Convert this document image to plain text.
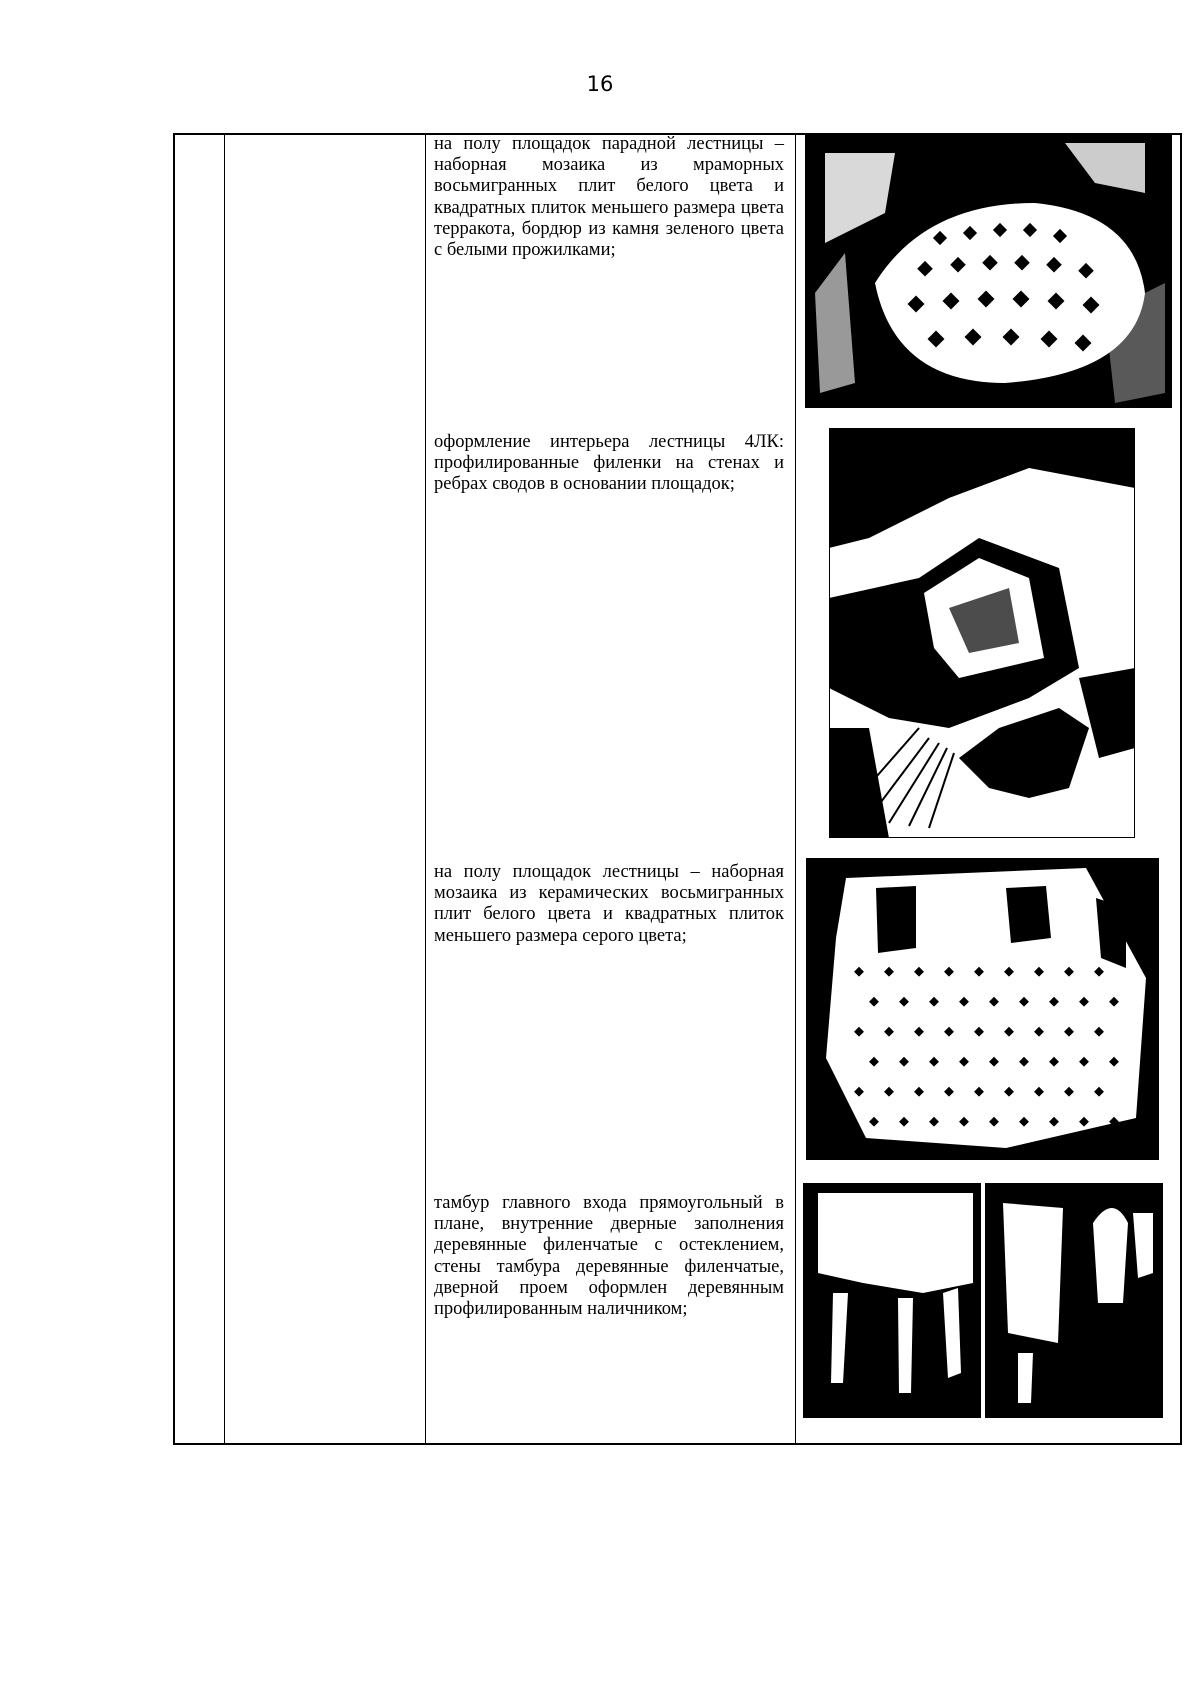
16
на полу площадок парадной лестницы – наборная мозаика из мраморных восьмигранных плит белого цвета и квадратных плиток меньшего размера цвета терракота, бордюр из камня зеленого цвета с белыми прожилками;
оформление интерьера лестницы 4ЛК: профилированные филенки на стенах и ребрах сводов в основании площадок;
на полу площадок лестницы – наборная мозаика из керамических восьмигранных плит белого цвета и квадратных плиток меньшего размера серого цвета;
тамбур главного входа прямоугольный в плане, внутренние дверные заполнения деревянные филенчатые с остеклением, стены тамбура деревянные филенчатые, дверной проем оформлен деревянным профилированным наличником;
